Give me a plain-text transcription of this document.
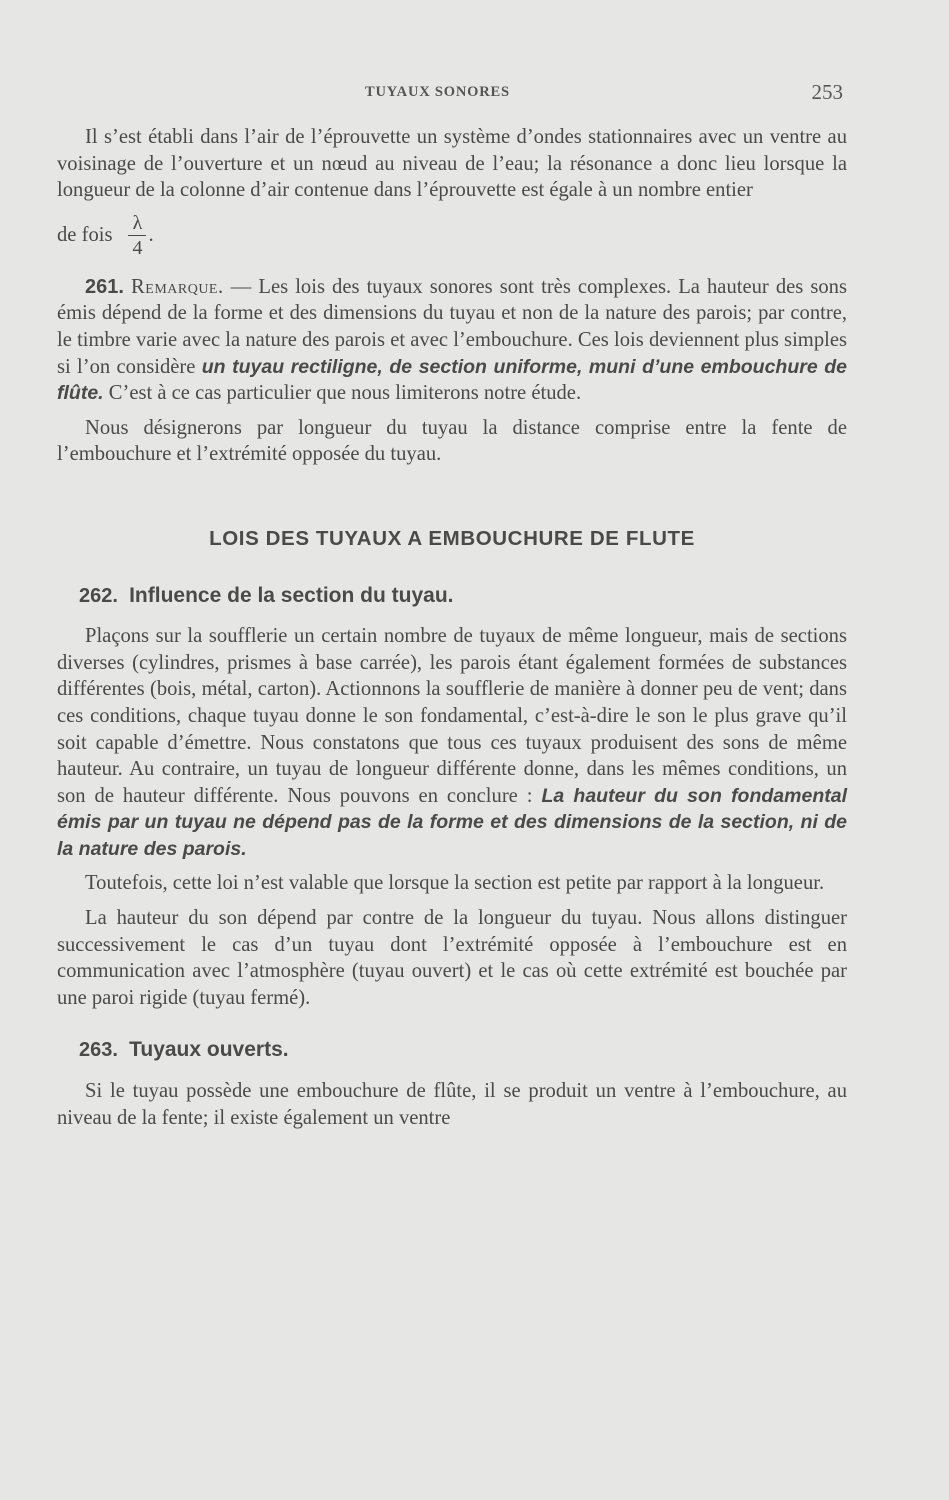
TUYAUX SONORES	253

Il s’est établi dans l’air de l’éprouvette un système d’ondes stationnaires avec un ventre au voisinage de l’ouverture et un nœud au niveau de l’eau; la résonance a donc lieu lorsque la longueur de la colonne d’air contenue dans l’éprouvette est égale à un nombre entier

de fois $\frac{\lambda}{4}$ .

261. Remarque. — Les lois des tuyaux sonores sont très complexes. La hauteur des sons émis dépend de la forme et des dimensions du tuyau et non de la nature des parois; par contre, le timbre varie avec la nature des parois et avec l’embouchure. Ces lois deviennent plus simples si l’on considère un tuyau rectiligne, de section uniforme, muni d’une embouchure de flûte. C’est à ce cas particulier que nous limiterons notre étude.

Nous désignerons par longueur du tuyau la distance comprise entre la fente de l’embouchure et l’extrémité opposée du tuyau.

LOIS DES TUYAUX A EMBOUCHURE DE FLUTE
262. Influence de la section du tuyau.

Plaçons sur la soufflerie un certain nombre de tuyaux de même longueur, mais de sections diverses (cylindres, prismes à base carrée), les parois étant également formées de substances différentes (bois, métal, carton). Actionnons la soufflerie de manière à donner peu de vent; dans ces conditions, chaque tuyau donne le son fondamental, c’est-à-dire le son le plus grave qu’il soit capable d’émettre. Nous constatons que tous ces tuyaux produisent des sons de même hauteur. Au contraire, un tuyau de longueur différente donne, dans les mêmes conditions, un son de hauteur différente. Nous pouvons en conclure : La hauteur du son fondamental émis par un tuyau ne dépend pas de la forme et des dimensions de la section, ni de la nature des parois.

Toutefois, cette loi n’est valable que lorsque la section est petite par rapport à la longueur.

La hauteur du son dépend par contre de la longueur du tuyau. Nous allons distinguer successivement le cas d’un tuyau dont l’extrémité opposée à l’embouchure est en communication avec l’atmosphère (tuyau ouvert) et le cas où cette extrémité est bouchée par une paroi rigide (tuyau fermé).

263. Tuyaux ouverts.

Si le tuyau possède une embouchure de flûte, il se produit un ventre à l’embouchure, au niveau de la fente; il existe également un ventre
